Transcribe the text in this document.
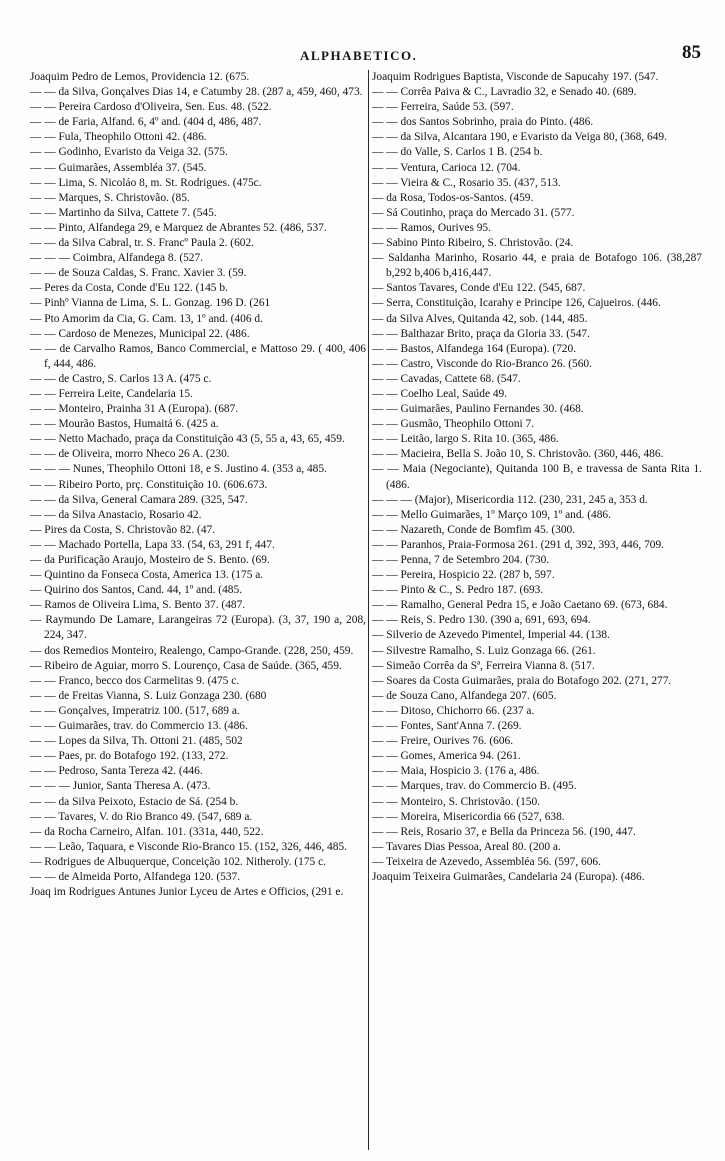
ALPHABETICO.	85
Joaquim Pedro de Lemos, Providencia 12. (675.
— — da Silva, Gonçalves Dias 14, e Catumby 28. (287 a, 459, 460, 473.
— — Pereira Cardoso d'Oliveira, Sen. Eus. 48. (522.
— — de Faria, Alfand. 6, 4º and. (404 d, 486, 487.
— — Fula, Theophilo Ottoni 42. (486.
— — Godinho, Evaristo da Veiga 32. (575.
— — Guimarães, Assembléa 37. (545.
— — Lima, S. Nicoláo 8, m. St. Rodrigues. (475c.
— — Marques, S. Christovão. (85.
— — Martinho da Silva, Cattete 7. (545.
— — Pinto, Alfandega 29, e Marquez de Abrantes 52. (486, 537.
— — da Silva Cabral, tr. S. Francº Paula 2. (602.
— — — Coimbra, Alfandega 8. (527.
— — de Souza Caldas, S. Franc. Xavier 3. (59.
— Peres da Costa, Conde d'Eu 122. (145 b.
— Pinhº Vianna de Lima, S. L. Gonzag. 196 D. (261
— Pto Amorim da Cia, G. Cam. 13, 1º and. (406 d.
— — Cardoso de Menezes, Municipal 22. (486.
— — de Carvalho Ramos, Banco Commercial, e Mattoso 29. ( 400, 406 f, 444, 486.
— — de Castro, S. Carlos 13 A. (475 c.
— — Ferreira Leite, Candelaria 15.
— — Monteiro, Prainha 31 A (Europa). (687.
— — Mourão Bastos, Humaitá 6. (425 a.
— — Netto Machado, praça da Constituição 43 (5, 55 a, 43, 65, 459.
— — de Oliveira, morro Nheco 26 A. (230.
— — — Nunes, Theophilo Ottoni 18, e S. Justino 4. (353 a, 485.
— — Ribeiro Porto, prç. Constituição 10. (606.673.
— — da Silva, General Camara 289. (325, 547.
— — da Silva Anastacio, Rosario 42.
— Pires da Costa, S. Christovão 82. (47.
— — Machado Portella, Lapa 33. (54, 63, 291 f, 447.
— da Purificação Araujo, Mosteiro de S. Bento. (69.
— Quintino da Fonseca Costa, America 13. (175 a.
— Quirino dos Santos, Cand. 44, 1º and. (485.
— Ramos de Oliveira Lima, S. Bento 37. (487.
— Raymundo De Lamare, Larangeiras 72 (Europa). (3, 37, 190 a, 208, 224, 347.
— dos Remedios Monteiro, Realengo, Campo-Grande. (228, 250, 459.
— Ribeiro de Aguiar, morro S. Lourenço, Casa de Saúde. (365, 459.
— — Franco, becco dos Carmelitas 9. (475 c.
— — de Freitas Vianna, S. Luiz Gonzaga 230. (680
— — Gonçalves, Imperatriz 100. (517, 689 a.
— — Guimarães, trav. do Commercio 13. (486.
— — Lopes da Silva, Th. Ottoni 21. (485, 502
— — Paes, pr. do Botafogo 192. (133, 272.
— — Pedroso, Santa Tereza 42. (446.
— — — Junior, Santa Theresa A. (473.
— — da Silva Peixoto, Estacio de Sá. (254 b.
— — Tavares, V. do Rio Branco 49. (547, 689 a.
— da Rocha Carneiro, Alfan. 101. (331a, 440, 522.
— — Leão, Taquara, e Visconde Rio-Branco 15. (152, 326, 446, 485.
— Rodrigues de Albuquerque, Conceição 102. Nitheroly. (175 c.
— — de Almeida Porto, Alfandega 120. (537.
Joaq im Rodrigues Antunes Junior Lyceu de Artes e Officios, (291 e.
Joaquim Rodrigues Baptista, Visconde de Sapucahy 197. (547.
— — Corrêa Paiva & C., Lavradio 32, e Senado 40. (689.
— — Ferreira, Saúde 53. (597.
— — dos Santos Sobrinho, praia do Pinto. (486.
— — da Silva, Alcantara 190, e Evaristo da Veiga 80, (368, 649.
— — do Valle, S. Carlos 1 B. (254 b.
— — Ventura, Carioca 12. (704.
— — Vieira & C., Rosario 35. (437, 513.
— da Rosa, Todos-os-Santos. (459.
— Sá Coutinho, praça do Mercado 31. (577.
— — Ramos, Ourives 95.
— Sabino Pinto Ribeiro, S. Christovão. (24.
— Saldanha Marinho, Rosario 44, e praia de Botafogo 106. (38,287 b,292 b,406 b,416,447.
— Santos Tavares, Conde d'Eu 122. (545, 687.
— Serra, Constituição, Icarahy e Principe 126, Cajueiros. (446.
— da Silva Alves, Quitanda 42, sob. (144, 485.
— — Balthazar Brito, praça da Gloria 33. (547.
— — Bastos, Alfandega 164 (Europa). (720.
— — Castro, Visconde do Rio-Branco 26. (560.
— — Cavadas, Cattete 68. (547.
— — Coelho Leal, Saúde 49.
— — Guimarães, Paulino Fernandes 30. (468.
— — Gusmão, Theophilo Ottoni 7.
— — Leitão, largo S. Rita 10. (365, 486.
— — Macieira, Bella S. João 10, S. Christovão. (360, 446, 486.
— — Maia (Negociante), Quitanda 100 B, e travessa de Santa Rita 1. (486.
— — — (Major), Misericordia 112. (230, 231, 245 a, 353 d.
— — Mello Guimarães, 1º Março 109, 1º and. (486.
— — Nazareth, Conde de Bomfim 45. (300.
— — Paranhos, Praia-Formosa 261. (291 d, 392, 393, 446, 709.
— — Penna, 7 de Setembro 204. (730.
— — Pereira, Hospicio 22. (287 b, 597.
— — Pinto & C., S. Pedro 187. (693.
— — Ramalho, General Pedra 15, e João Caetano 69. (673, 684.
— — Reis, S. Pedro 130. (390 a, 691, 693, 694.
— Silverio de Azevedo Pimentel, Imperial 44. (138.
— Silvestre Ramalho, S. Luiz Gonzaga 66. (261.
— Simeão Corrêa da Sª, Ferreira Vianna 8. (517.
— Soares da Costa Guimarães, praia do Botafogo 202. (271, 277.
— de Souza Cano, Alfandega 207. (605.
— — Ditoso, Chichorro 66. (237 a.
— — Fontes, Sant'Anna 7. (269.
— — Freire, Ourives 76. (606.
— — Gomes, America 94. (261.
— — Maia, Hospicio 3. (176 a, 486.
— — Marques, trav. do Commercio B. (495.
— — Monteiro, S. Christovão. (150.
— — Moreira, Misericordia 66 (527, 638.
— — Reis, Rosario 37, e Bella da Princeza 56. (190, 447.
— Tavares Dias Pessoa, Areal 80. (200 a.
— Teixeira de Azevedo, Assembléa 56. (597, 606.
Joaquim Teixeira Guimarães, Candelaria 24 (Europa). (486.
